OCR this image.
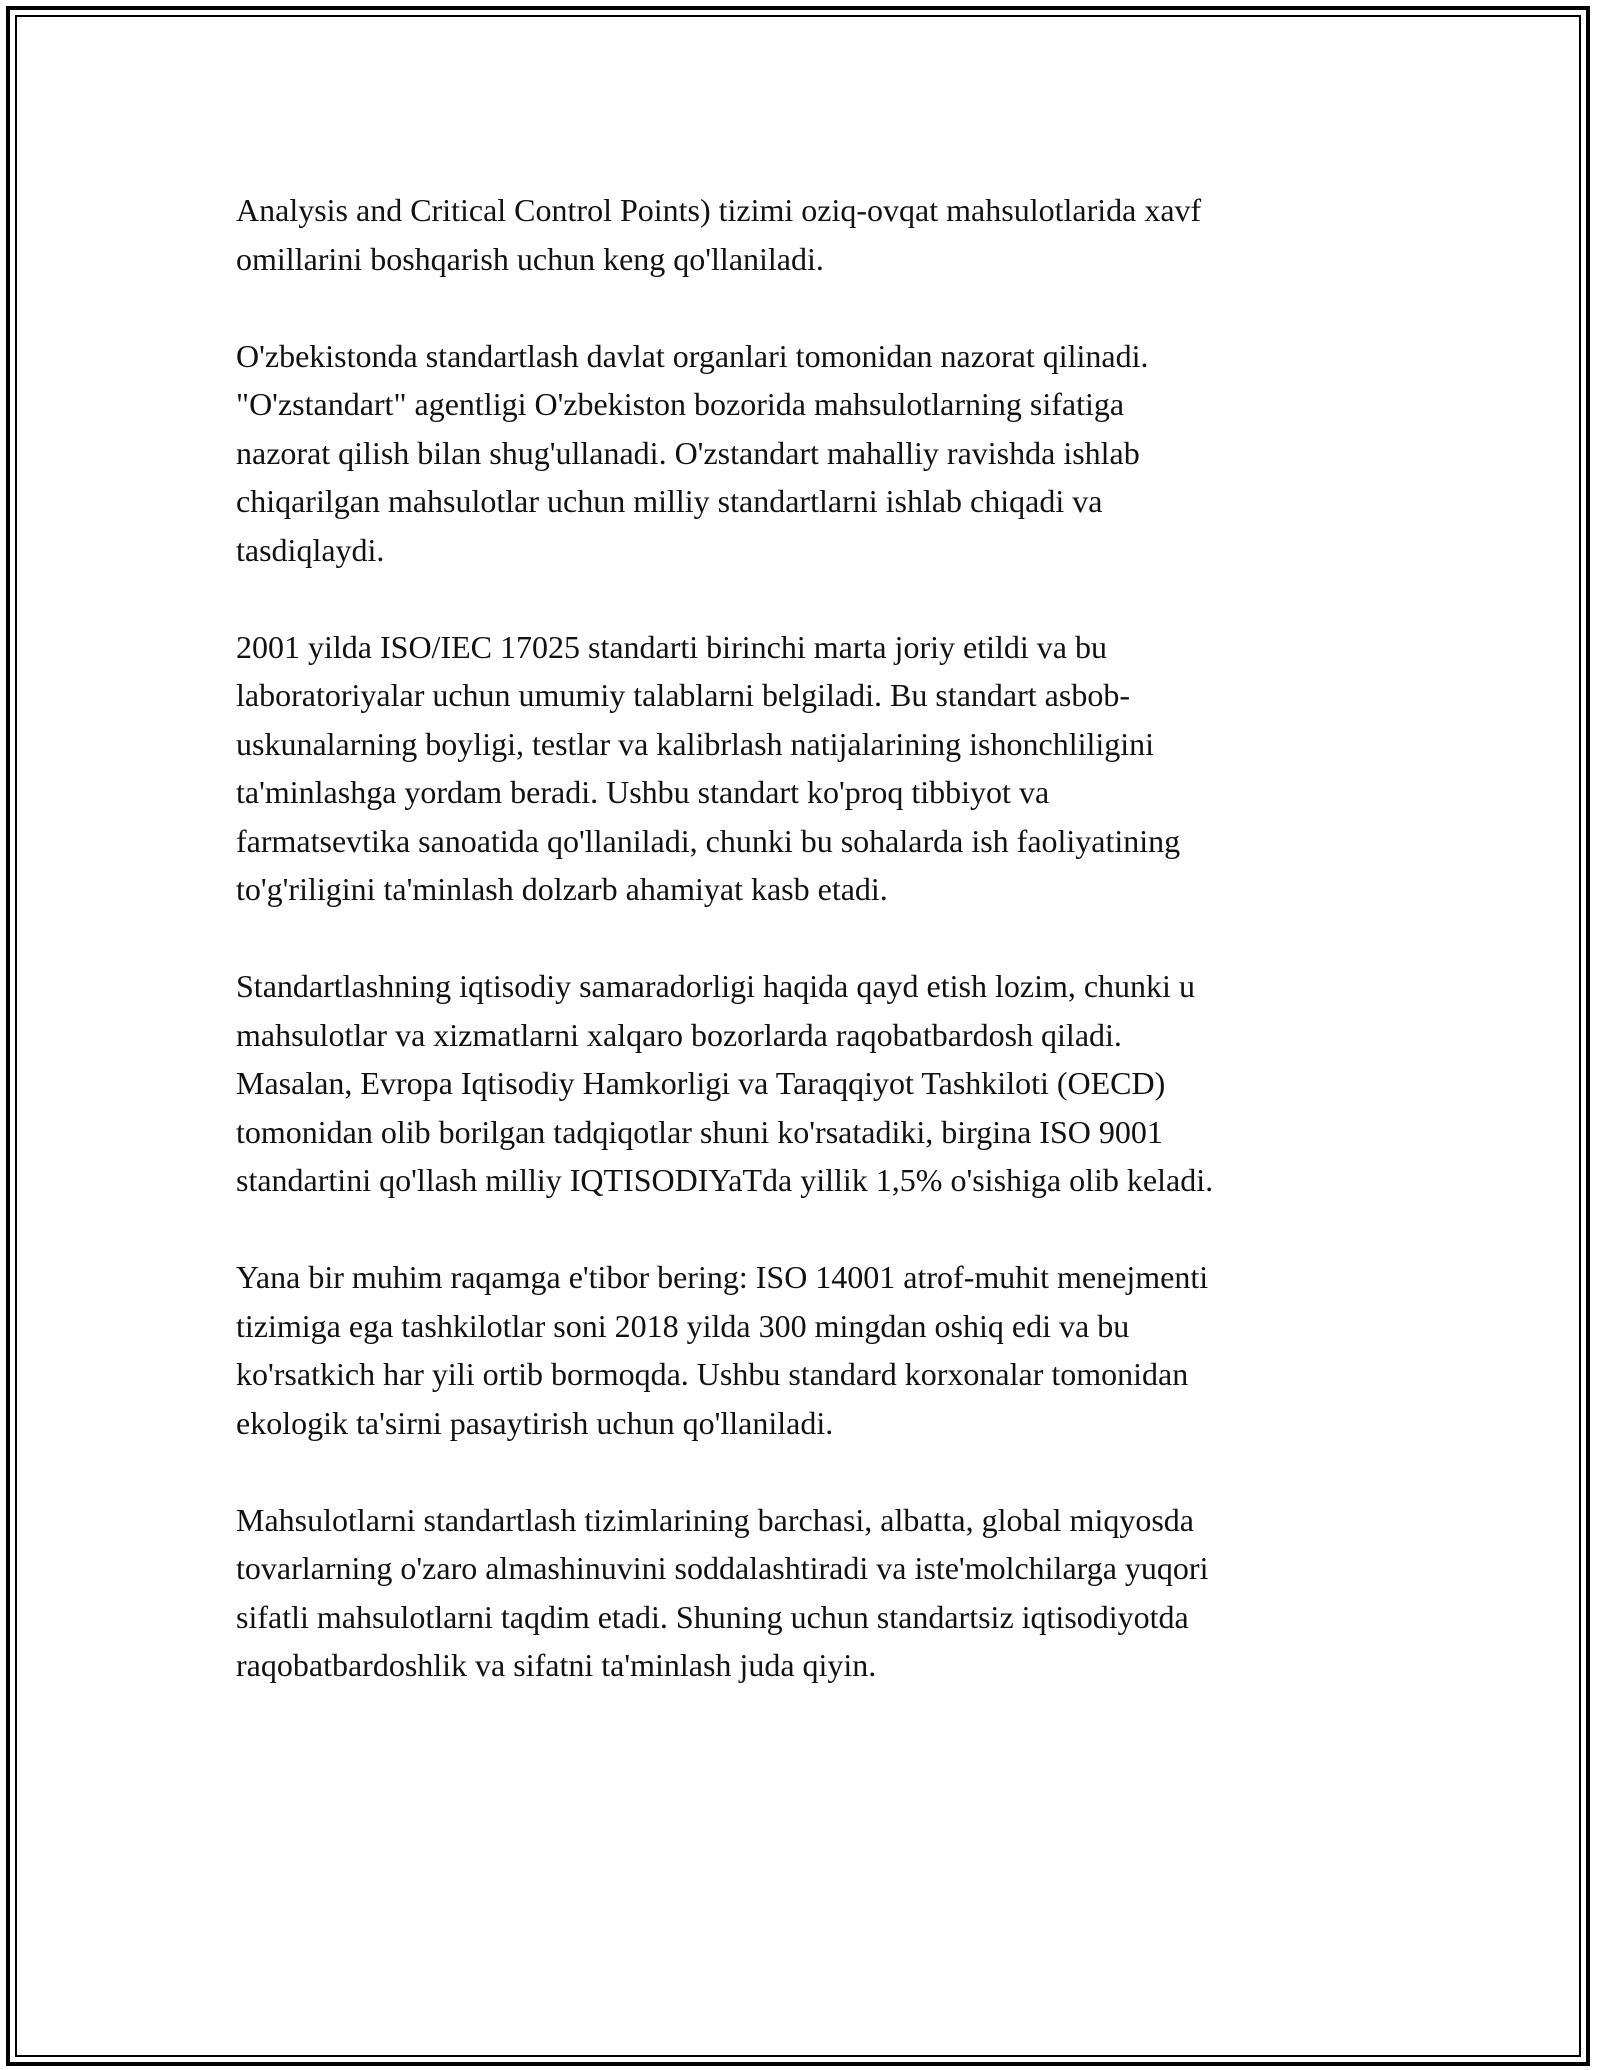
Analysis and Critical Control Points) tizimi oziq-ovqat mahsulotlarida xavf
omillarini boshqarish uchun keng qo'llaniladi.

O'zbekistonda standartlash davlat organlari tomonidan nazorat qilinadi.
"O'zstandart" agentligi O'zbekiston bozorida mahsulotlarning sifatiga
nazorat qilish bilan shug'ullanadi. O'zstandart mahalliy ravishda ishlab
chiqarilgan mahsulotlar uchun milliy standartlarni ishlab chiqadi va
tasdiqlaydi.

2001 yilda ISO/IEC 17025 standarti birinchi marta joriy etildi va bu
laboratoriyalar uchun umumiy talablarni belgiladi. Bu standart asbob-
uskunalarning boyligi, testlar va kalibrlash natijalarining ishonchliligini
ta'minlashga yordam beradi. Ushbu standart ko'proq tibbiyot va
farmatsevtika sanoatida qo'llaniladi, chunki bu sohalarda ish faoliyatining
to'g'riligini ta'minlash dolzarb ahamiyat kasb etadi.

Standartlashning iqtisodiy samaradorligi haqida qayd etish lozim, chunki u
mahsulotlar va xizmatlarni xalqaro bozorlarda raqobatbardosh qiladi.
Masalan, Evropa Iqtisodiy Hamkorligi va Taraqqiyot Tashkiloti (OECD)
tomonidan olib borilgan tadqiqotlar shuni ko'rsatadiki, birgina ISO 9001
standartini qo'llash milliy IQTISODIYaTda yillik 1,5% o'sishiga olib keladi.

Yana bir muhim raqamga e'tibor bering: ISO 14001 atrof-muhit menejmenti
tizimiga ega tashkilotlar soni 2018 yilda 300 mingdan oshiq edi va bu
ko'rsatkich har yili ortib bormoqda. Ushbu standard korxonalar tomonidan
ekologik ta'sirni pasaytirish uchun qo'llaniladi.

Mahsulotlarni standartlash tizimlarining barchasi, albatta, global miqyosda
tovarlarning o'zaro almashinuvini soddalashtiradi va iste'molchilarga yuqori
sifatli mahsulotlarni taqdim etadi. Shuning uchun standartsiz iqtisodiyotda
raqobatbardoshlik va sifatni ta'minlash juda qiyin.
